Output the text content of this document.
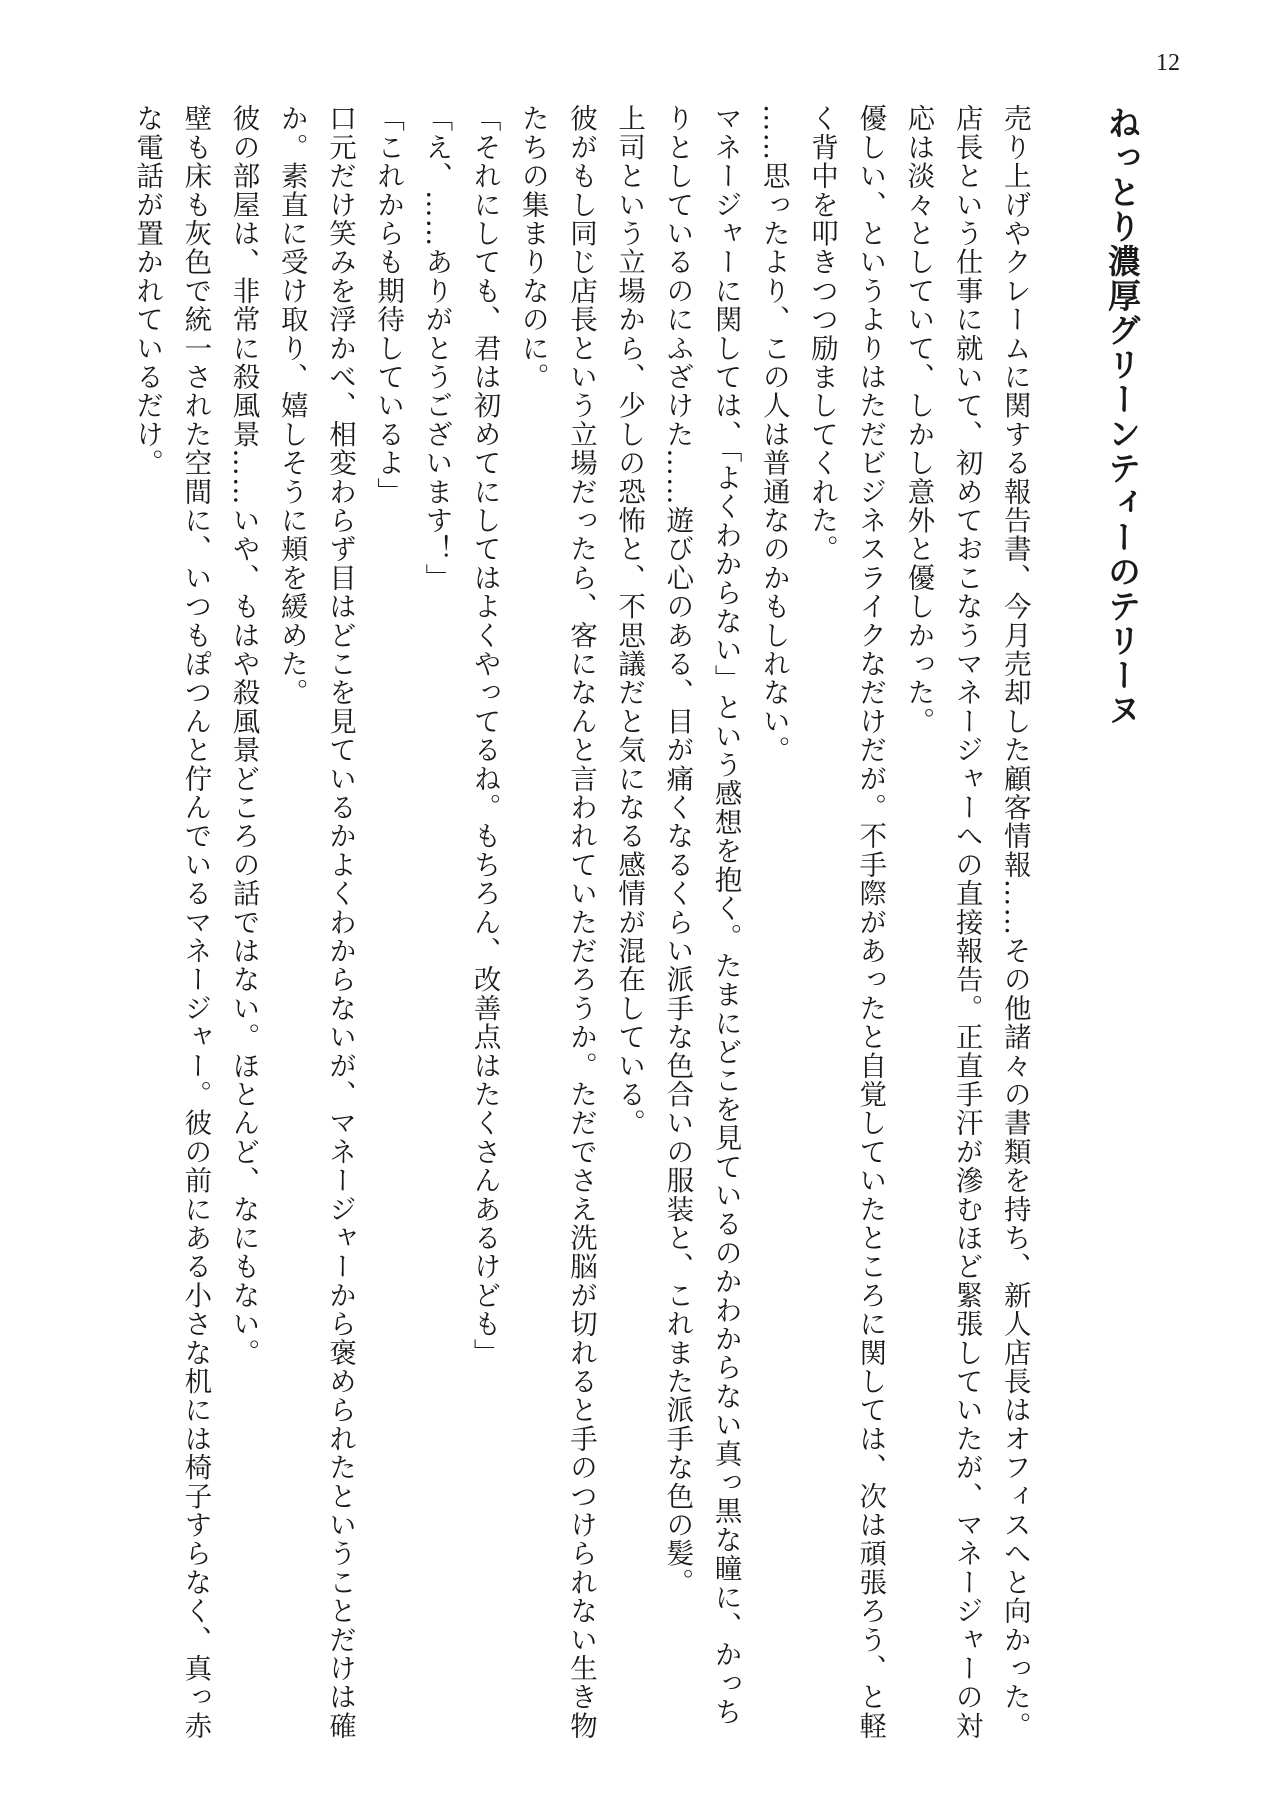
12
ねっとり濃厚グリーンティーのテリーヌ

売り上げやクレームに関する報告書、今月売却した顧客情報……その他諸々の書類を持ち、新人店長はオフィスへと向かった。

店長という仕事に就いて、初めておこなうマネージャーへの直接報告。正直手汗が滲むほど緊張していたが、マネージャーの対

応は淡々としていて、しかし意外と優しかった。

優しい、というよりはただビジネスライクなだけだが。不手際があったと自覚していたところに関しては、次は頑張ろう、と軽

く背中を叩きつつ励ましてくれた。

……思ったより、この人は普通なのかもしれない。

マネージャーに関しては、「よくわからない」という感想を抱く。たまにどこを見ているのかわからない真っ黒な瞳に、かっち

りとしているのにふざけた……遊び心のある、目が痛くなるくらい派手な色合いの服装と、これまた派手な色の髪。

上司という立場から、少しの恐怖と、不思議だと気になる感情が混在している。

彼がもし同じ店長という立場だったら、客になんと言われていただろうか。ただでさえ洗脳が切れると手のつけられない生き物

たちの集まりなのに。

「それにしても、君は初めてにしてはよくやってるね。もちろん、改善点はたくさんあるけども」

「え、……ありがとうございます！」

「これからも期待しているよ」

口元だけ笑みを浮かべ、相変わらず目はどこを見ているかよくわからないが、マネージャーから褒められたということだけは確

か。素直に受け取り、嬉しそうに頬を緩めた。

彼の部屋は、非常に殺風景……いや、もはや殺風景どころの話ではない。ほとんど、なにもない。

壁も床も灰色で統一された空間に、いつもぽつんと佇んでいるマネージャー。彼の前にある小さな机には椅子すらなく、真っ赤

な電話が置かれているだけ。
